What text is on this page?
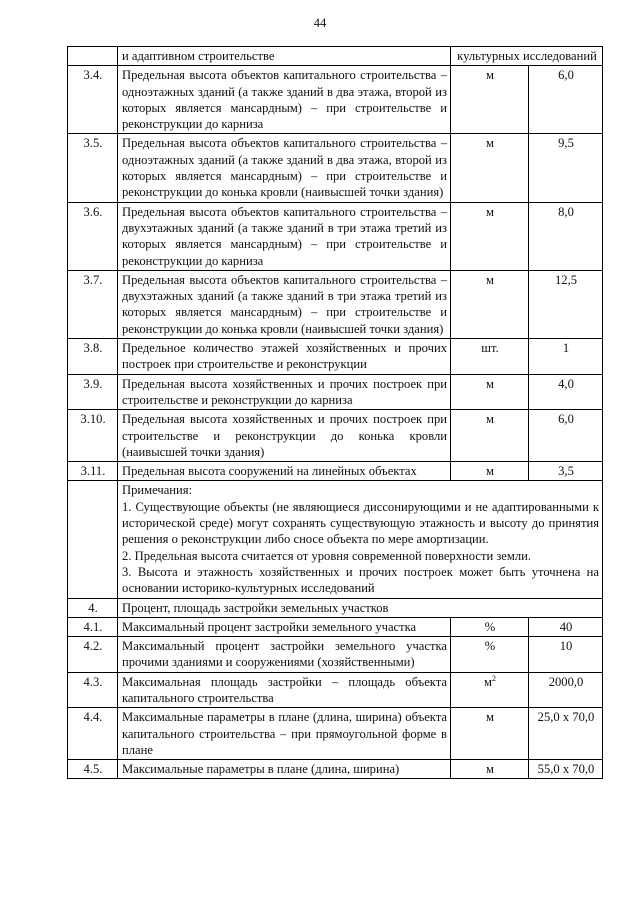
44
	и адаптивном строительстве	культурных исследований	
3.4.	Предельная высота объектов капитального строительства – одноэтажных зданий (а также зданий в два этажа, второй из которых является мансардным) – при строительстве и реконструкции до карниза	м	6,0
3.5.	Предельная высота объектов капитального строительства – одноэтажных зданий (а также зданий в два этажа, второй из которых является мансардным) – при строительстве и реконструкции до конька кровли (наивысшей точки здания)	м	9,5
3.6.	Предельная высота объектов капитального строительства – двухэтажных зданий (а также зданий в три этажа третий из которых является мансардным) – при строительстве и реконструкции до карниза	м	8,0
3.7.	Предельная высота объектов капитального строительства – двухэтажных зданий (а также зданий в три этажа третий из которых является мансардным) – при строительстве и реконструкции до конька кровли (наивысшей точки здания)	м	12,5
3.8.	Предельное количество этажей хозяйственных и прочих построек при строительстве и реконструкции	шт.	1
3.9.	Предельная высота хозяйственных и прочих построек при строительстве и реконструкции до карниза	м	4,0
3.10.	Предельная высота хозяйственных и прочих построек при строительстве и реконструкции до конька кровли (наивысшей точки здания)	м	6,0
3.11.	Предельная высота сооружений на линейных объектах	м	3,5

	Примечания:
1. Существующие объекты (не являющиеся диссонирующими и не адаптированными к исторической среде) могут сохранять существующую этажность и высоту до принятия решения о реконструкции либо сносе объекта по мере амортизации.
2. Предельная высота считается от уровня современной поверхности земли.
3. Высота и этажность хозяйственных и прочих построек может быть уточнена на основании историко-культурных исследований		

4.	Процент, площадь застройки земельных участков		
4.1.	Максимальный процент застройки земельного участка	%	40
4.2.	Максимальный процент застройки земельного участка прочими зданиями и сооружениями (хозяйственными)	%	10
4.3.	Максимальная площадь застройки – площадь объекта капитального строительства	$м^2$	2000,0
4.4.	Максимальные параметры в плане (длина, ширина) объекта капитального строительства – при прямоугольной форме в плане	м	25,0 x 70,0
4.5.	Максимальные параметры в плане (длина, ширина)	м	55,0 x 70,0
